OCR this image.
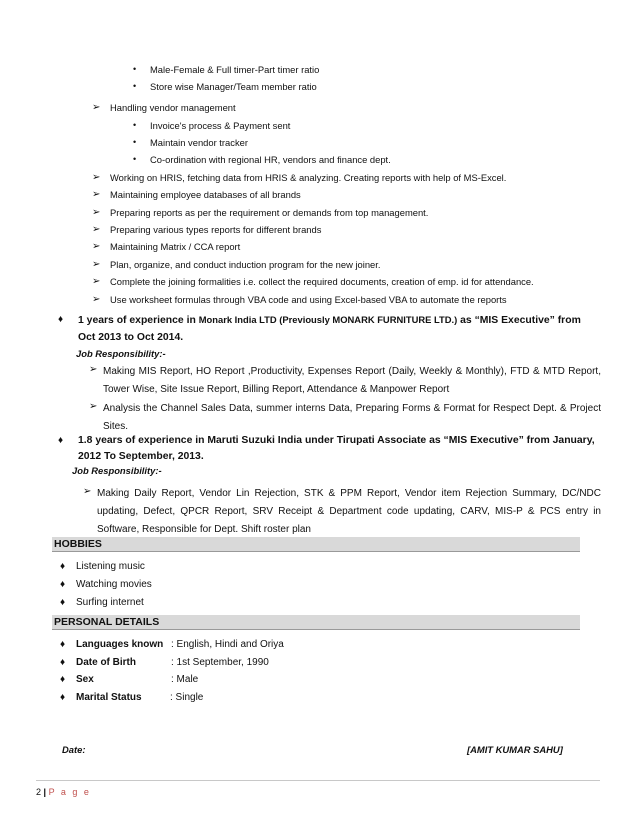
• Male-Female & Full timer-Part timer ratio
• Store wise Manager/Team member ratio
➢ Handling vendor management
• Invoice's process & Payment sent
• Maintain vendor tracker
• Co-ordination with regional HR, vendors and finance dept.
➢ Working on HRIS, fetching data from HRIS & analyzing. Creating reports with help of MS-Excel.
➢ Maintaining employee databases of all brands
➢ Preparing reports as per the requirement or demands from top management.
➢ Preparing various types reports for different brands
➢ Maintaining Matrix / CCA report
➢ Plan, organize, and conduct induction program for the new joiner.
➢ Complete the joining formalities i.e. collect the required documents, creation of emp. id for attendance.
➢ Use worksheet formulas through VBA code and using Excel-based VBA to automate the reports
♦ 1 years of experience in Monark India LTD (Previously MONARK FURNITURE LTD.) as “MIS Executive” from
Oct 2013 to Oct 2014.
Job Responsibility:-
➢ Making MIS Report, HO Report ,Productivity, Expenses Report (Daily, Weekly & Monthly), FTD & MTD Report, Tower Wise, Site Issue Report, Billing Report, Attendance & Manpower Report
➢ Analysis the Channel Sales Data, summer interns Data, Preparing Forms & Format for Respect Dept. & Project Sites.
♦ 1.8 years of experience in Maruti Suzuki India under Tirupati Associate as “MIS Executive” from January,
2012 To September, 2013.
Job Responsibility:-
➢ Making Daily Report, Vendor Lin Rejection, STK & PPM Report, Vendor item Rejection Summary, DC/NDC updating, Defect, QPCR Report, SRV Receipt & Department code updating, CARV, MIS-P & PCS entry in Software, Responsible for Dept. Shift roster plan
HOBBIES
♦ Listening music
♦ Watching movies
♦ Surfing internet
PERSONAL DETAILS
♦ Languages known : English, Hindi and Oriya
♦ Date of Birth	: 1st September, 1990
♦ Sex	: Male
♦ Marital Status	: Single
Date:	[AMIT KUMAR SAHU]
2 | P a g e
